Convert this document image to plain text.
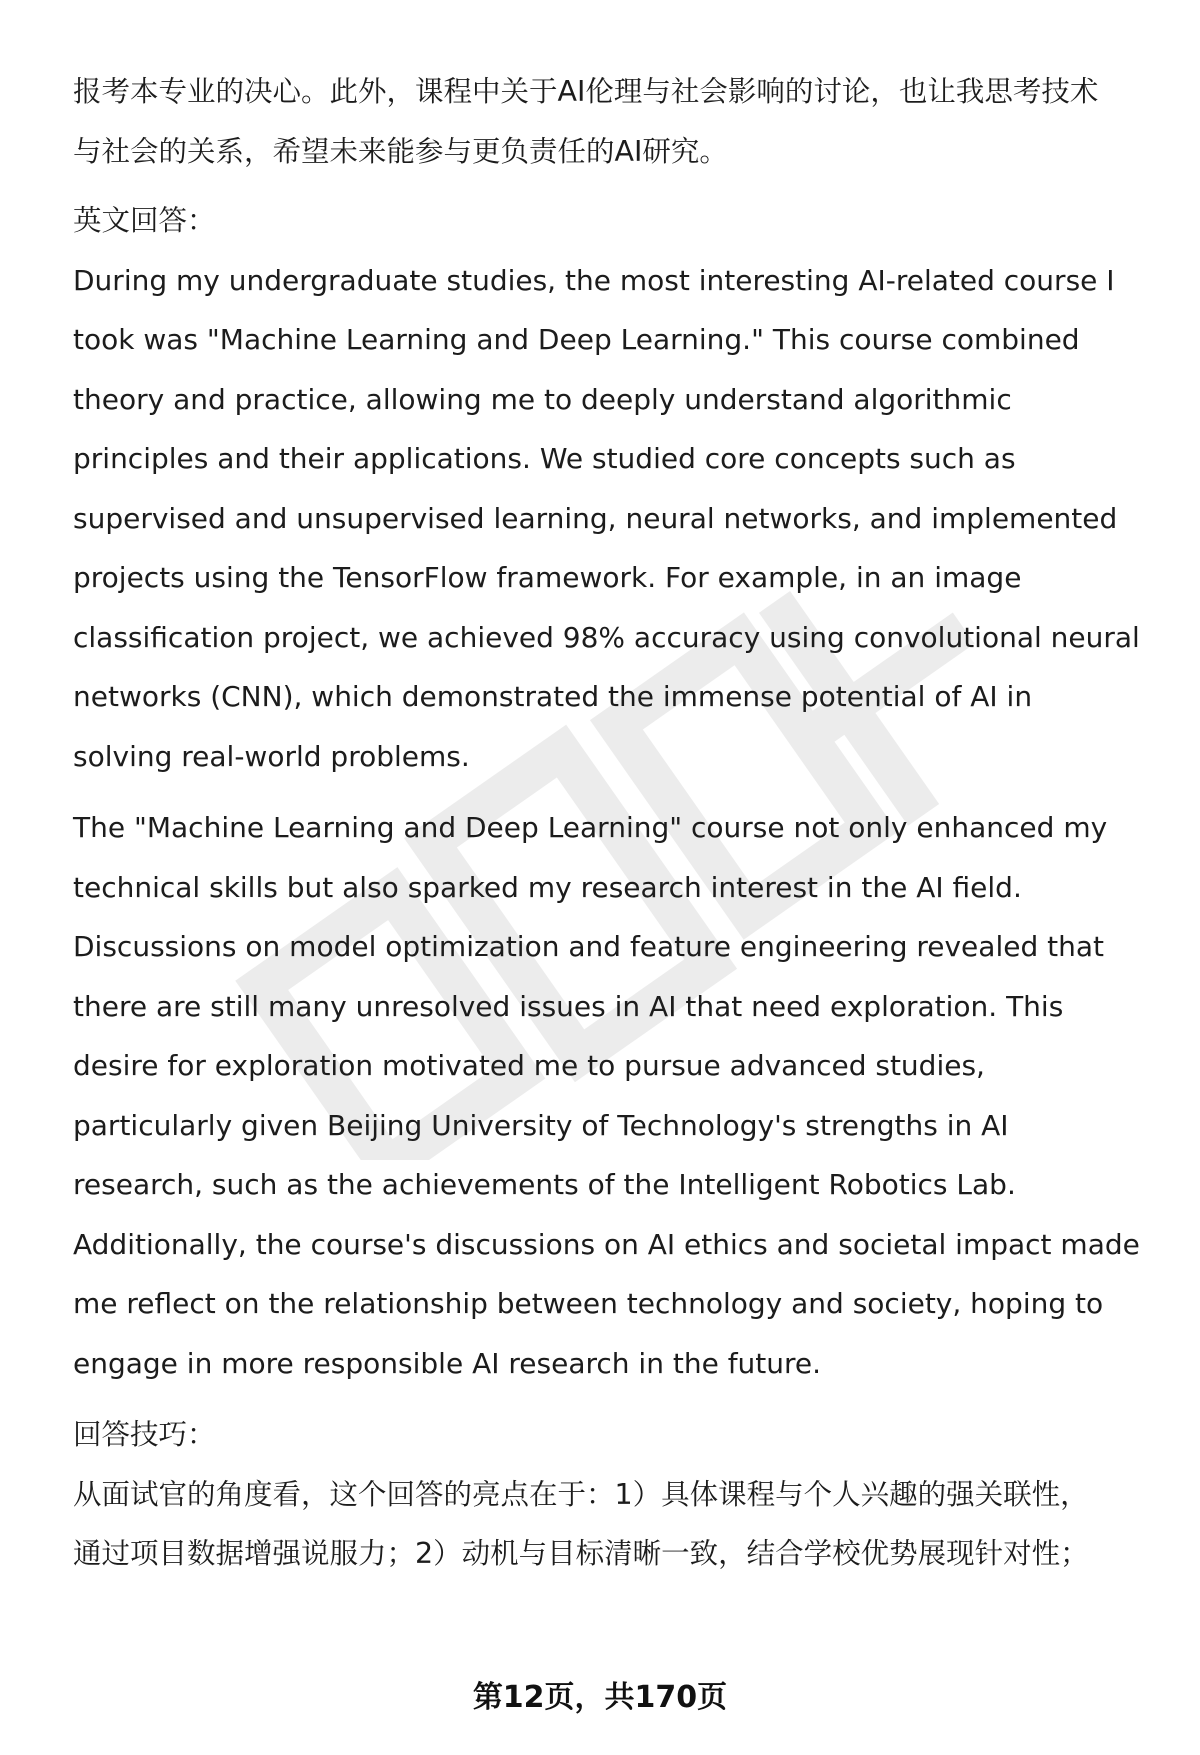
报考本专业的决心。此外，课程中关于AI伦理与社会影响的讨论，也让我思考技术

与社会的关系，希望未来能参与更负责任的AI研究。

英文回答：

During my undergraduate studies, the most interesting AI-related course I

took was "Machine Learning and Deep Learning." This course combined

theory and practice, allowing me to deeply understand algorithmic

principles and their applications. We studied core concepts such as

supervised and unsupervised learning, neural networks, and implemented

projects using the TensorFlow framework. For example, in an image

classification project, we achieved 98% accuracy using convolutional neural

networks (CNN), which demonstrated the immense potential of AI in

solving real-world problems.

The "Machine Learning and Deep Learning" course not only enhanced my

technical skills but also sparked my research interest in the AI field.

Discussions on model optimization and feature engineering revealed that

there are still many unresolved issues in AI that need exploration. This

desire for exploration motivated me to pursue advanced studies,

particularly given Beijing University of Technology's strengths in AI

research, such as the achievements of the Intelligent Robotics Lab.

Additionally, the course's discussions on AI ethics and societal impact made

me reflect on the relationship between technology and society, hoping to

engage in more responsible AI research in the future.

回答技巧：

从面试官的角度看，这个回答的亮点在于：1）具体课程与个人兴趣的强关联性，

通过项目数据增强说服力；2）动机与目标清晰一致，结合学校优势展现针对性；

第12页，共170页
